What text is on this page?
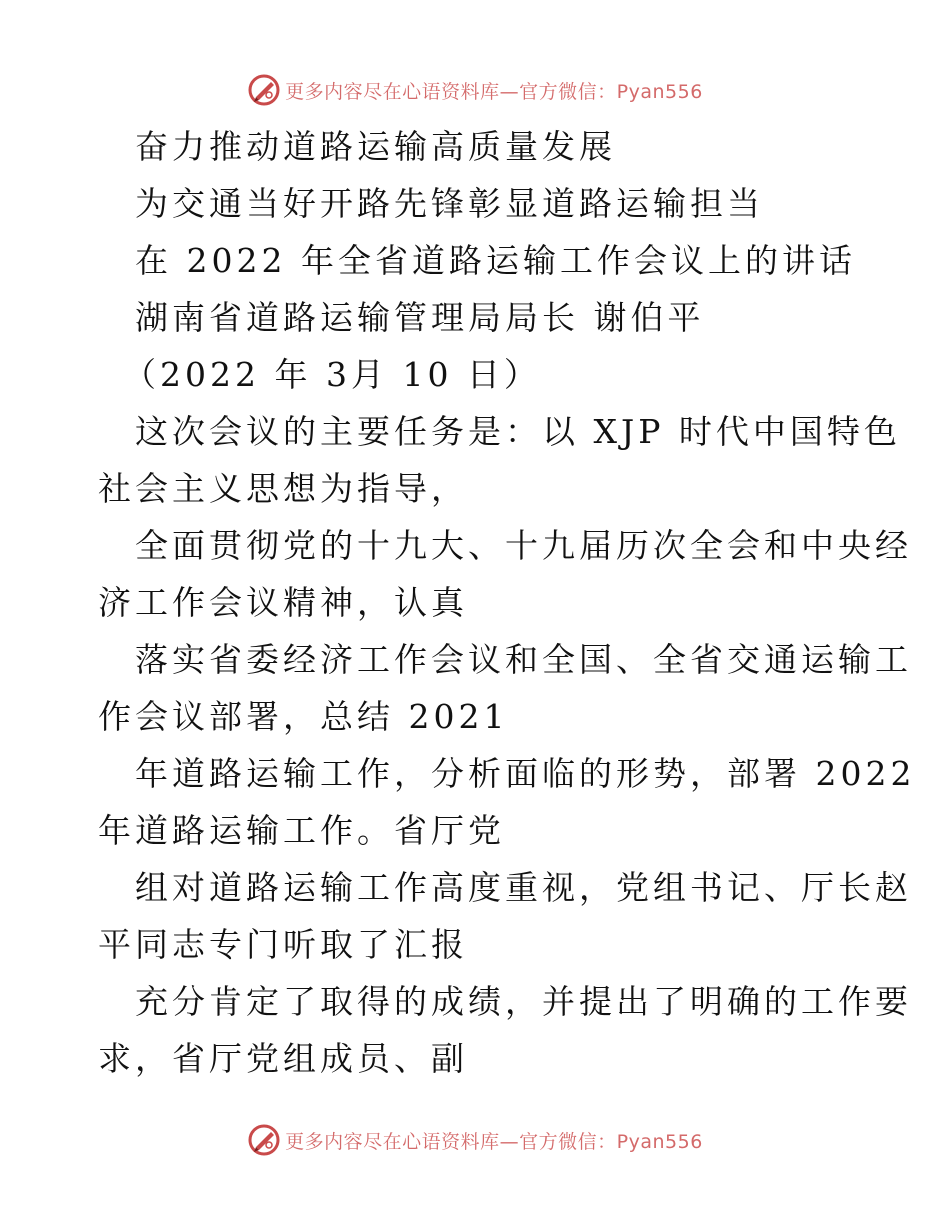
更多内容尽在心语资料库—官方微信：Pyan556
奋力推动道路运输高质量发展
为交通当好开路先锋彰显道路运输担当
在 2022 年全省道路运输工作会议上的讲话
湖南省道路运输管理局局长 谢伯平
（2022 年 3月 10 日）
这次会议的主要任务是：以 XJP 时代中国特色
社会主义思想为指导，
全面贯彻党的十九大、十九届历次全会和中央经
济工作会议精神，认真
落实省委经济工作会议和全国、全省交通运输工
作会议部署，总结 2021
年道路运输工作，分析面临的形势，部署 2022
年道路运输工作。省厅党
组对道路运输工作高度重视，党组书记、厅长赵
平同志专门听取了汇报
充分肯定了取得的成绩，并提出了明确的工作要
求，省厅党组成员、副
更多内容尽在心语资料库—官方微信：Pyan556
